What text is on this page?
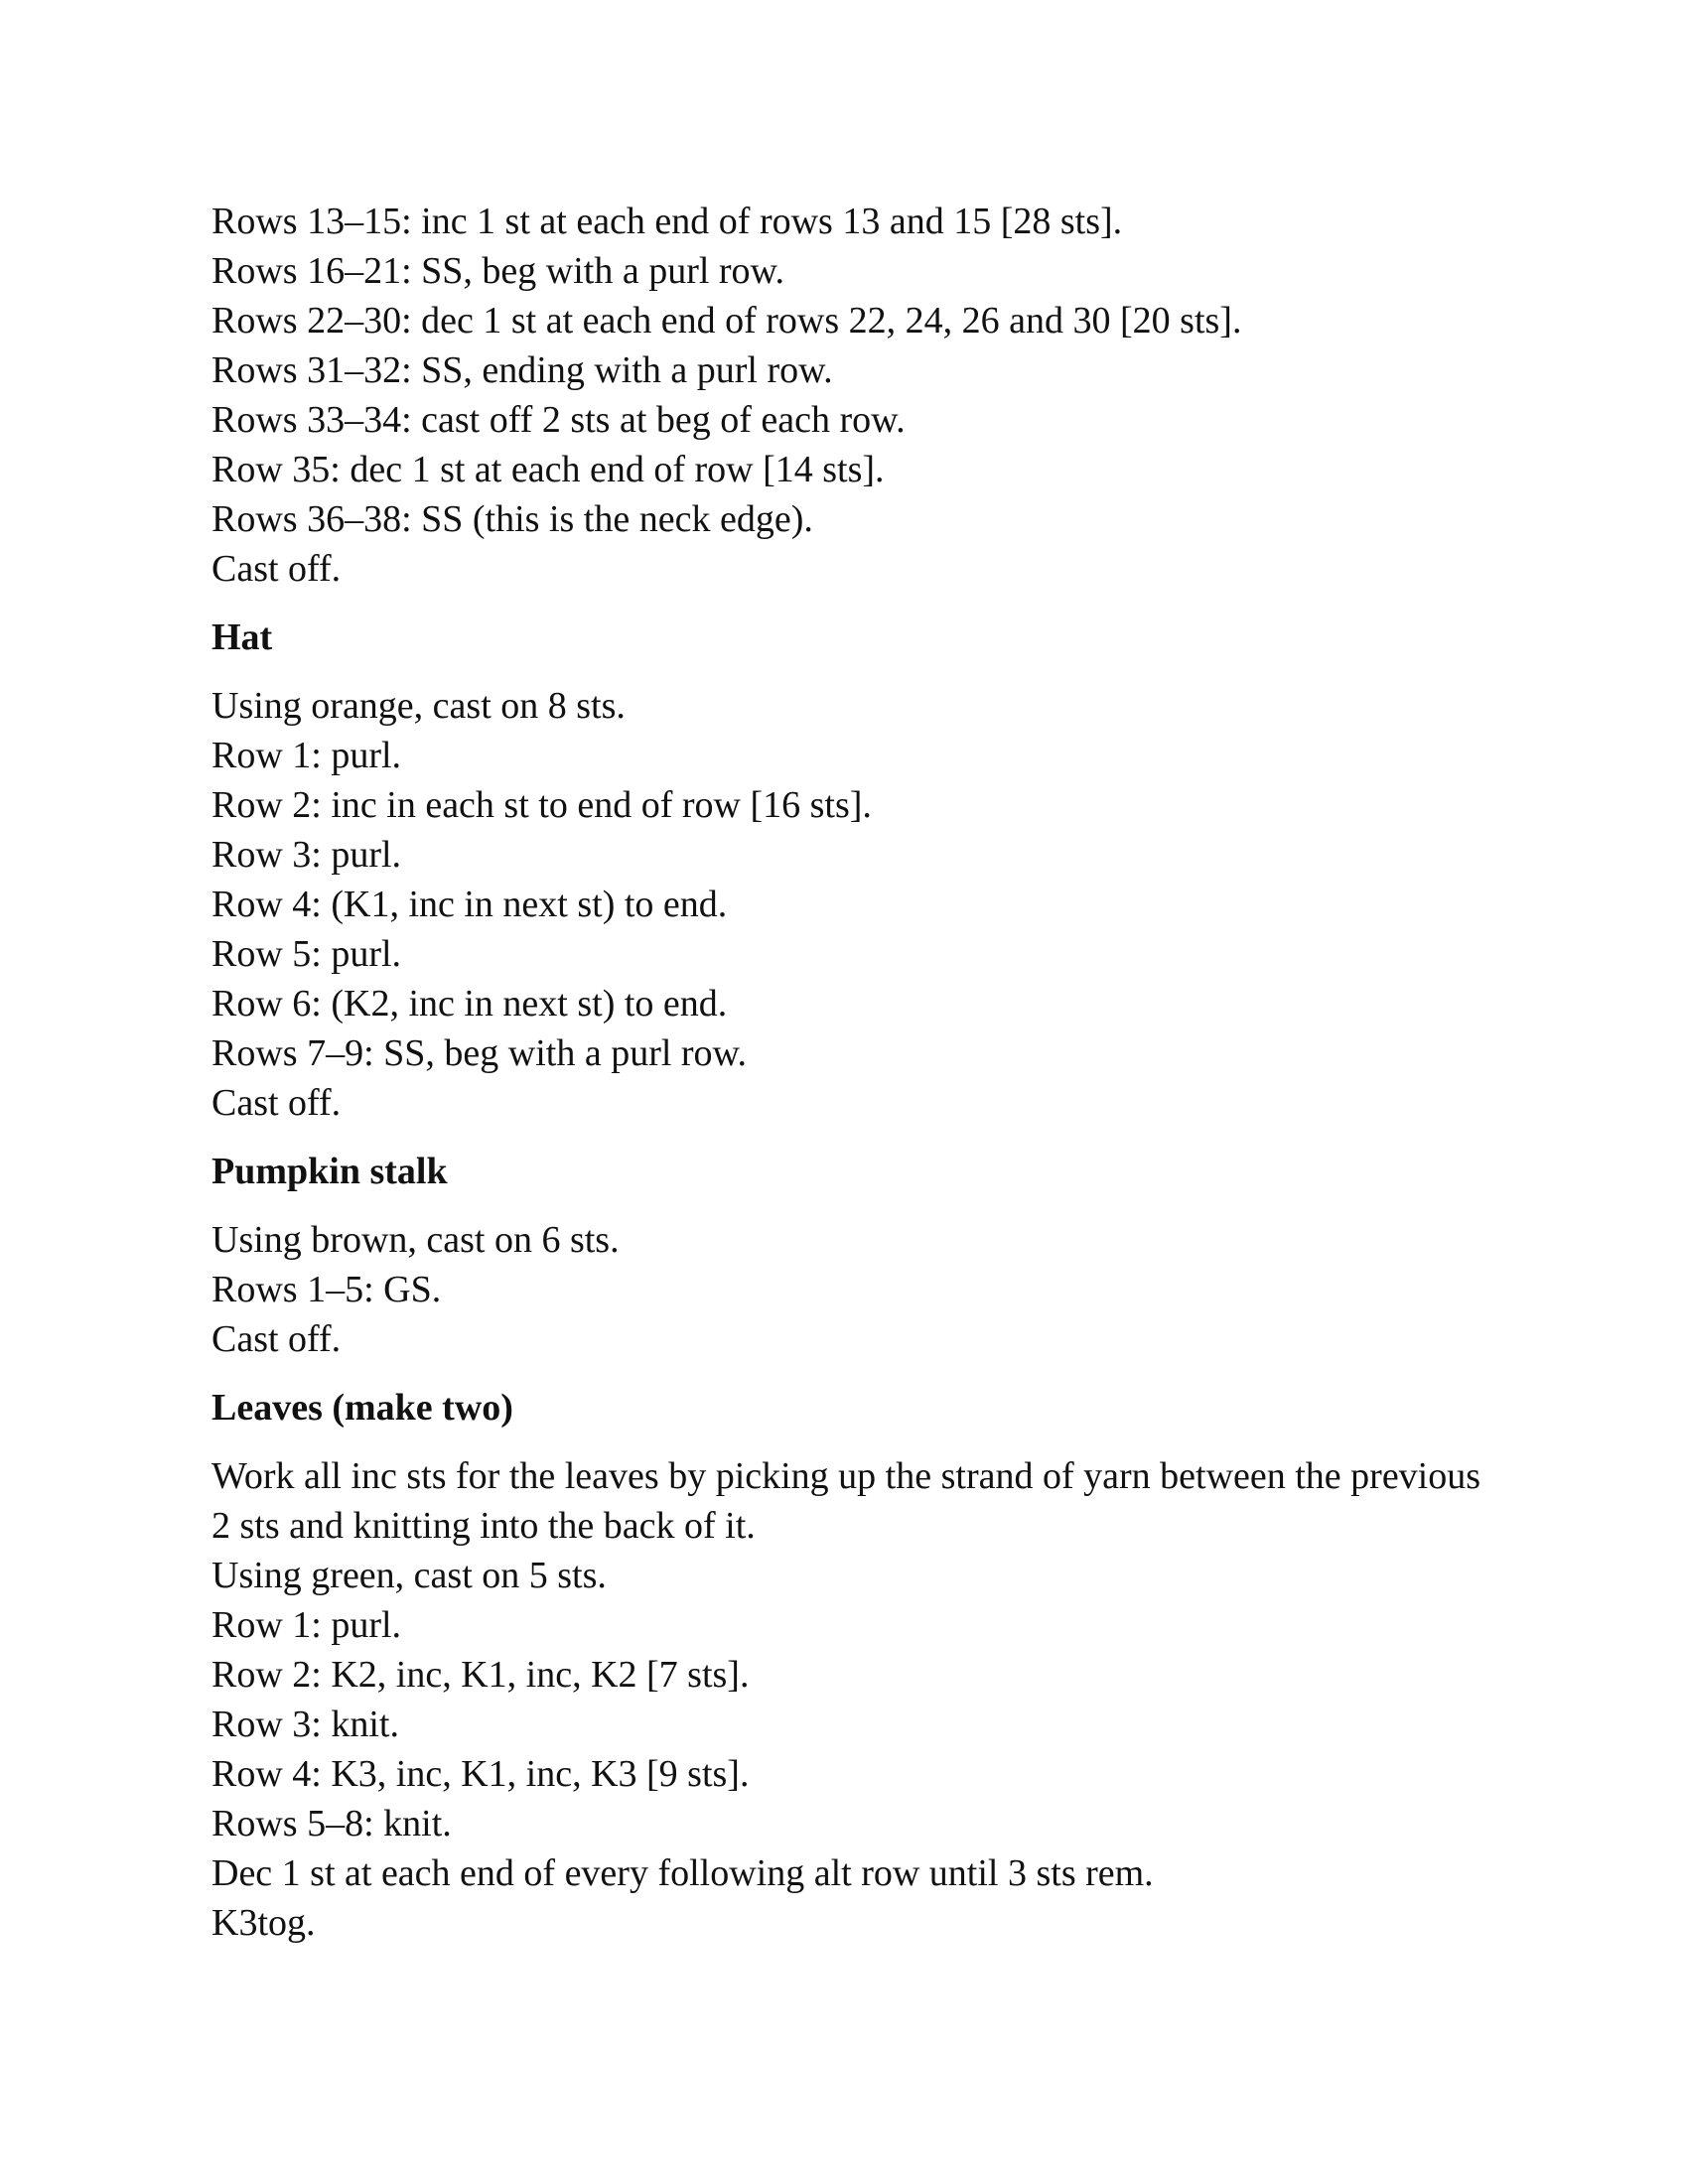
Rows 13–15: inc 1 st at each end of rows 13 and 15 [28 sts].
Rows 16–21: SS, beg with a purl row.
Rows 22–30: dec 1 st at each end of rows 22, 24, 26 and 30 [20 sts].
Rows 31–32: SS, ending with a purl row.
Rows 33–34: cast off 2 sts at beg of each row.
Row 35: dec 1 st at each end of row [14 sts].
Rows 36–38: SS (this is the neck edge).
Cast off.
Hat
Using orange, cast on 8 sts.
Row 1: purl.
Row 2: inc in each st to end of row [16 sts].
Row 3: purl.
Row 4: (K1, inc in next st) to end.
Row 5: purl.
Row 6: (K2, inc in next st) to end.
Rows 7–9: SS, beg with a purl row.
Cast off.
Pumpkin stalk
Using brown, cast on 6 sts.
Rows 1–5: GS.
Cast off.
Leaves (make two)
Work all inc sts for the leaves by picking up the strand of yarn between the previous 2 sts and knitting into the back of it.
Using green, cast on 5 sts.
Row 1: purl.
Row 2: K2, inc, K1, inc, K2 [7 sts].
Row 3: knit.
Row 4: K3, inc, K1, inc, K3 [9 sts].
Rows 5–8: knit.
Dec 1 st at each end of every following alt row until 3 sts rem.
K3tog.
